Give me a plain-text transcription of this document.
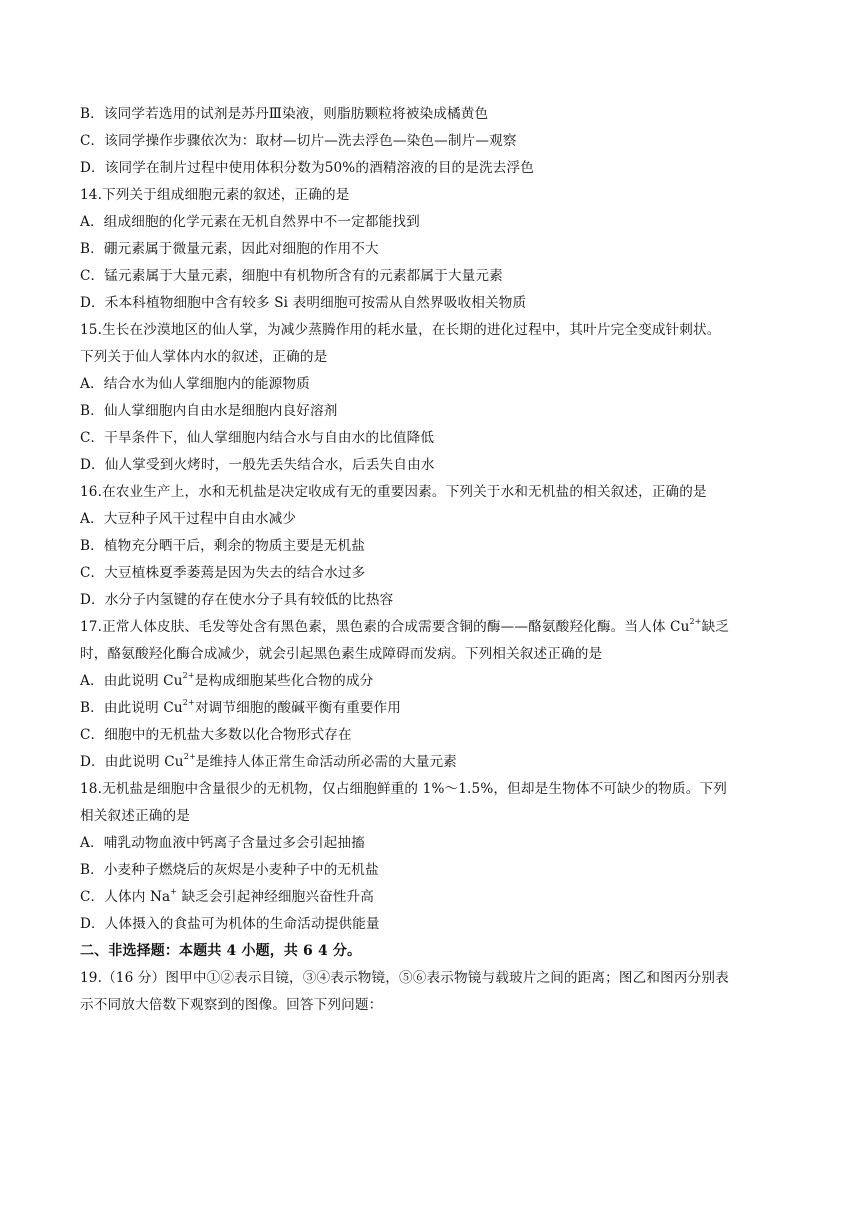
B．该同学若选用的试剂是苏丹Ⅲ染液，则脂肪颗粒将被染成橘黄色
C．该同学操作步骤依次为：取材—切片—洗去浮色—染色—制片—观察
D．该同学在制片过程中使用体积分数为50%的酒精溶液的目的是洗去浮色
14.下列关于组成细胞元素的叙述，正确的是
A．组成细胞的化学元素在无机自然界中不一定都能找到
B．硼元素属于微量元素，因此对细胞的作用不大
C．锰元素属于大量元素，细胞中有机物所含有的元素都属于大量元素
D．禾本科植物细胞中含有较多 Si 表明细胞可按需从自然界吸收相关物质
15.生长在沙漠地区的仙人掌，为减少蒸腾作用的耗水量，在长期的进化过程中，其叶片完全变成针刺状。
下列关于仙人掌体内水的叙述，正确的是
A．结合水为仙人掌细胞内的能源物质
B．仙人掌细胞内自由水是细胞内良好溶剂
C．干旱条件下，仙人掌细胞内结合水与自由水的比值降低
D．仙人掌受到火烤时，一般先丢失结合水，后丢失自由水
16.在农业生产上，水和无机盐是决定收成有无的重要因素。下列关于水和无机盐的相关叙述，正确的是
A．大豆种子风干过程中自由水减少
B．植物充分晒干后，剩余的物质主要是无机盐
C．大豆植株夏季萎蔫是因为失去的结合水过多
D．水分子内氢键的存在使水分子具有较低的比热容
17.正常人体皮肤、毛发等处含有黑色素，黑色素的合成需要含铜的酶——酪氨酸羟化酶。当人体 $Cu^{2+}$缺乏
时，酪氨酸羟化酶合成减少，就会引起黑色素生成障碍而发病。下列相关叙述正确的是
A．由此说明 $Cu^{2+}$是构成细胞某些化合物的成分
B．由此说明 $Cu^{2+}$对调节细胞的酸碱平衡有重要作用
C．细胞中的无机盐大多数以化合物形式存在
D．由此说明 $Cu^{2+}$是维持人体正常生命活动所必需的大量元素
18.无机盐是细胞中含量很少的无机物，仅占细胞鲜重的 1%～1.5%，但却是生物体不可缺少的物质。下列
相关叙述正确的是
A．哺乳动物血液中钙离子含量过多会引起抽搐
B．小麦种子燃烧后的灰烬是小麦种子中的无机盐
C．人体内 Na+ 缺乏会引起神经细胞兴奋性升高
D．人体摄入的食盐可为机体的生命活动提供能量
二、非选择题：本题共 4 小题，共 6 4 分。
19.（16 分）图甲中①②表示目镜，③④表示物镜，⑤⑥表示物镜与载玻片之间的距离；图乙和图丙分别表
示不同放大倍数下观察到的图像。回答下列问题：
